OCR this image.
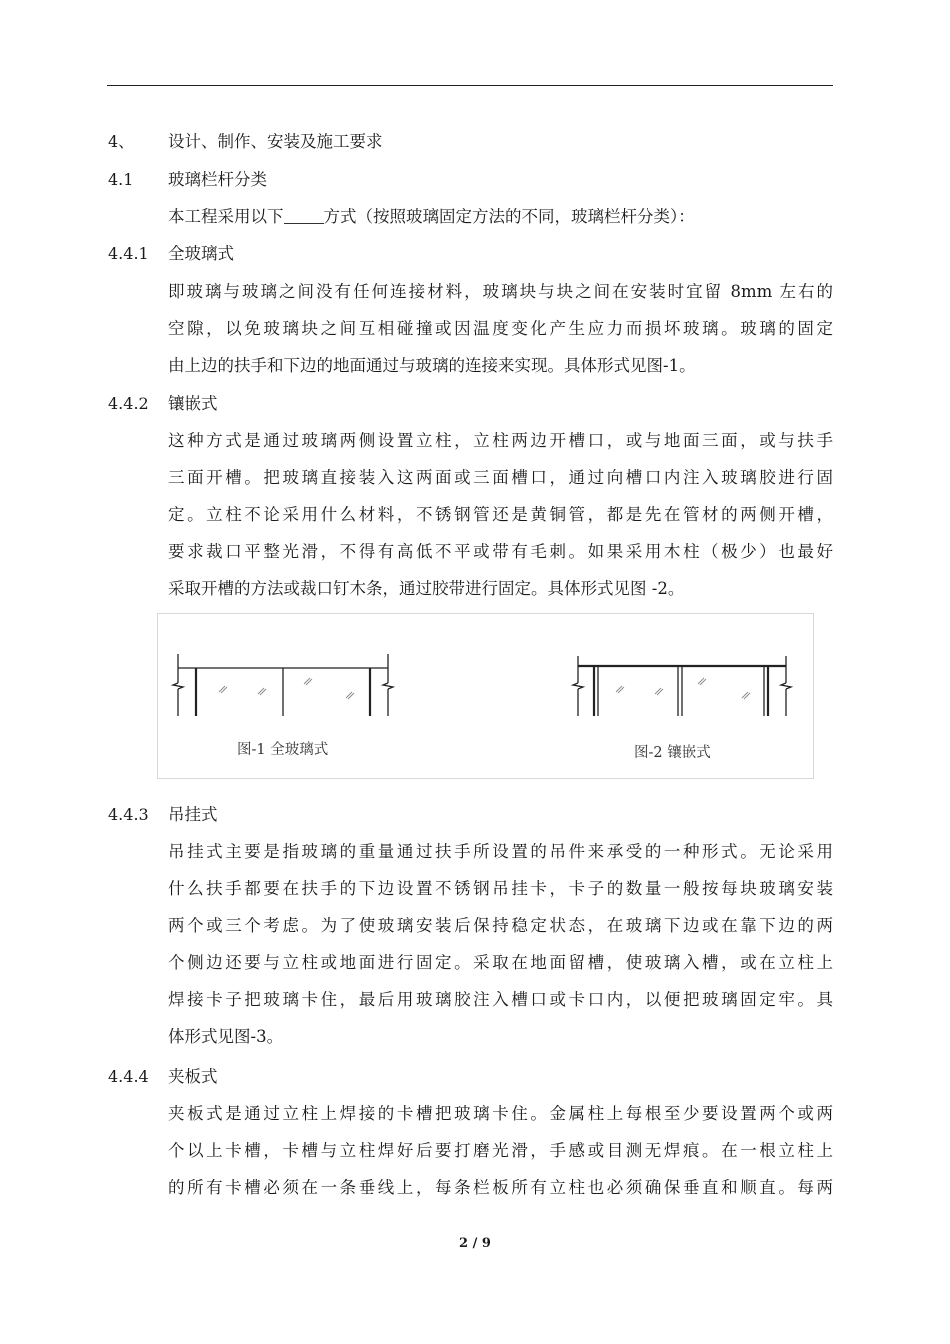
4、 设计、制作、安装及施工要求
4.1 玻璃栏杆分类
本工程采用以下 方式（按照玻璃固定方法的不同，玻璃栏杆分类）：
4.4.1 全玻璃式
即玻璃与玻璃之间没有任何连接材料，玻璃块与块之间在安装时宜留 8mm 左右的
空隙，以免玻璃块之间互相碰撞或因温度变化产生应力而损坏玻璃。玻璃的固定
由上边的扶手和下边的地面通过与玻璃的连接来实现。具体形式见图-1。
4.4.2 镶嵌式
这种方式是通过玻璃两侧设置立柱，立柱两边开槽口，或与地面三面，或与扶手
三面开槽。把玻璃直接装入这两面或三面槽口，通过向槽口内注入玻璃胶进行固
定。立柱不论采用什么材料，不锈钢管还是黄铜管，都是先在管材的两侧开槽，
要求裁口平整光滑，不得有高低不平或带有毛刺。如果采用木柱（极少）也最好
采取开槽的方法或裁口钉木条，通过胶带进行固定。具体形式见图 -2。
图-1 全玻璃式	图-2 镶嵌式
4.4.3 吊挂式
吊挂式主要是指玻璃的重量通过扶手所设置的吊件来承受的一种形式。无论采用
什么扶手都要在扶手的下边设置不锈钢吊挂卡，卡子的数量一般按每块玻璃安装
两个或三个考虑。为了使玻璃安装后保持稳定状态，在玻璃下边或在靠下边的两
个侧边还要与立柱或地面进行固定。采取在地面留槽，使玻璃入槽，或在立柱上
焊接卡子把玻璃卡住，最后用玻璃胶注入槽口或卡口内，以便把玻璃固定牢。具
体形式见图-3。
4.4.4 夹板式
夹板式是通过立柱上焊接的卡槽把玻璃卡住。金属柱上每根至少要设置两个或两
个以上卡槽，卡槽与立柱焊好后要打磨光滑，手感或目测无焊痕。在一根立柱上
的所有卡槽必须在一条垂线上，每条栏板所有立柱也必须确保垂直和顺直。每两
2 / 9
